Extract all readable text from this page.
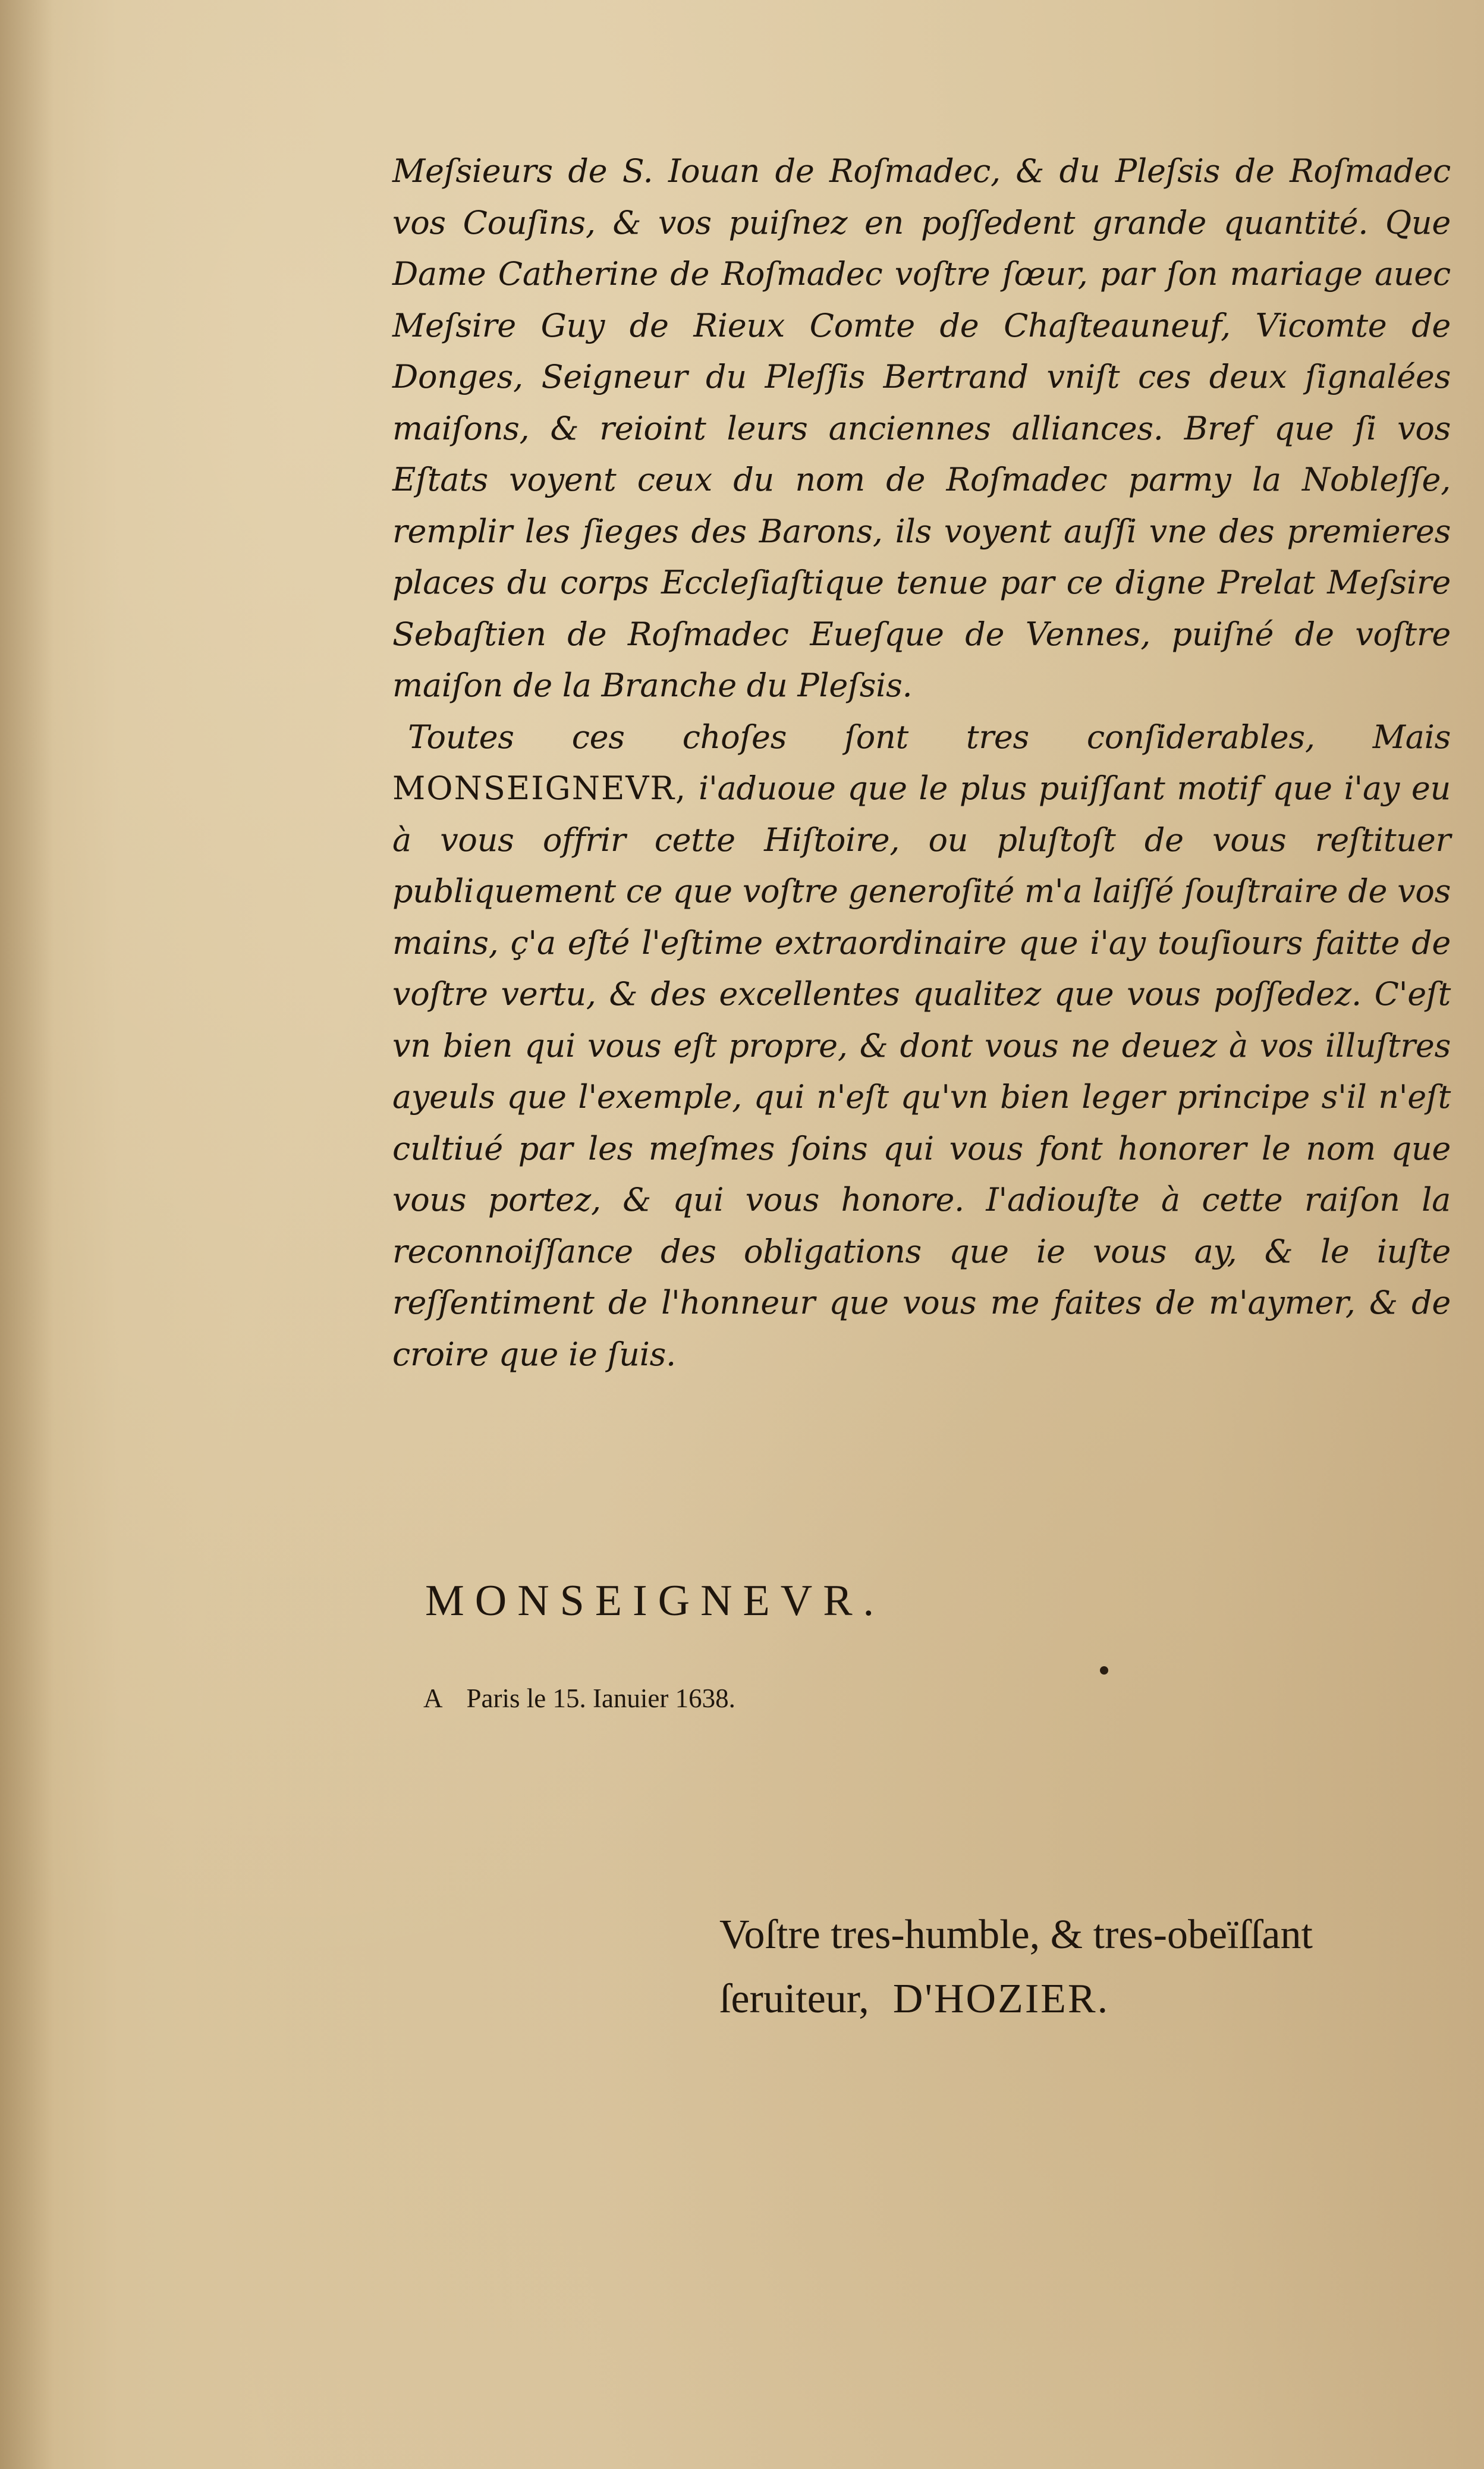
Meſsieurs de S. Iouan de Roſmadec, & du Pleſsis de Roſmadec vos Couſins, & vos puiſnez en poſſedent grande quantité. Que Dame Catherine de Roſmadec voſtre ſœur, par ſon mariage auec Meſsire Guy de Rieux Comte de Chaſteauneuf, Vicomte de Donges, Seigneur du Pleſſis Bertrand vniſt ces deux ſignalées maiſons, & reioint leurs anciennes alliances. Bref que ſi vos Eſtats voyent ceux du nom de Roſmadec parmy la Nobleſſe, remplir les ſieges des Barons, ils voyent auſſi vne des premieres places du corps Eccleſiaſtique tenue par ce digne Prelat Meſsire Sebaſtien de Roſmadec Eueſque de Vennes, puiſné de voſtre maiſon de la Branche du Pleſsis.

Toutes ces choſes ſont tres conſiderables, Mais MONSEIGNEVR, i'aduoue que le plus puiſſant motif que i'ay eu à vous offrir cette Hiſtoire, ou pluſtoſt de vous reſtituer publiquement ce que voſtre generoſité m'a laiſſé ſouſtraire de vos mains, ç'a eſté l'eſtime extraordinaire que i'ay touſiours faitte de voſtre vertu, & des excellentes qualitez que vous poſſedez. C'eſt vn bien qui vous eſt propre, & dont vous ne deuez à vos illuſtres ayeuls que l'exemple, qui n'eſt qu'vn bien leger principe s'il n'eſt cultiué par les meſmes ſoins qui vous font honorer le nom que vous portez, & qui vous honore. I'adiouſte à cette raiſon la reconnoiſſance des obligations que ie vous ay, & le iuſte reſſentiment de l'honneur que vous me faites de m'aymer, & de croire que ie ſuis.

MONSEIGNEVR.
A Paris le 15. Ianuier 1638.
Voſtre tres-humble, & tres-obeïſſant
ſeruiteur, D'HOZIER.
